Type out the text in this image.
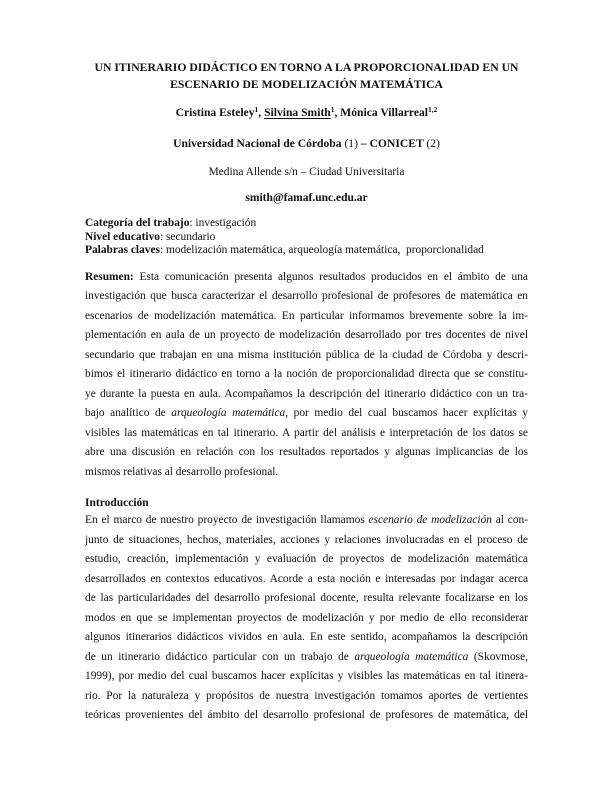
UN ITINERARIO DIDÁCTICO EN TORNO A LA PROPORCIONALIDAD EN UN
ESCENARIO DE MODELIZACIÓN MATEMÁTICA
Cristina Esteley$^1$, Silvina Smith$^1$, Mónica Villarreal$^{1,2}$
Universidad Nacional de Córdoba (1) – CONICET (2)
Medina Allende s/n – Ciudad Universitaria
smith@famaf.unc.edu.ar
Categoría del trabajo: investigación
Nivel educativo: secundario
Palabras claves: modelización matemática, arqueología matemática,  proporcionalidad
Resumen: Esta comunicación presenta algunos resultados producidos en el ámbito de una
investigación que busca caracterizar el desarrollo profesional de profesores de matemática en
escenarios de modelización matemática. En particular informamos brevemente sobre la im-
plementación en aula de un proyecto de modelización desarrollado por tres docentes de nivel
secundario que trabajan en una misma institución pública de la ciudad de Córdoba y descri-
bimos el itinerario didáctico en torno a la noción de proporcionalidad directa que se constitu-
ye durante la puesta en aula. Acompañamos la descripción del itinerario didáctico con un tra-
bajo analítico de arqueología matemática, por medio del cual buscamos hacer explícitas y
visibles las matemáticas en tal itinerario. A partir del análisis e interpretación de los datos se
abre una discusión en relación con los resultados reportados y algunas implicancias de los
mismos relativas al desarrollo profesional.
Introducción
En el marco de nuestro proyecto de investigación llamamos escenario de modelización al con-
junto de situaciones, hechos, materiales, acciones y relaciones involucradas en el proceso de
estudio, creación, implementación y evaluación de proyectos de modelización matemática
desarrollados en contextos educativos. Acorde a esta noción e interesadas por indagar acerca
de las particularidades del desarrollo profesional docente, resulta relevante focalizarse en los
modos en que se implementan proyectos de modelización y por medio de ello reconsiderar
algunos itinerarios didácticos vividos en aula. En este sentido, acompañamos la descripción
de un itinerario didáctico particular con un trabajo de arqueología matemática (Skovmose,
1999), por medio del cual buscamos hacer explícitas y visibles las matemáticas en tal itinera-
rio. Por la naturaleza y propósitos de nuestra investigación tomamos aportes de vertientes
teóricas provenientes del ámbito del desarrollo profesional de profesores de matemática, del
